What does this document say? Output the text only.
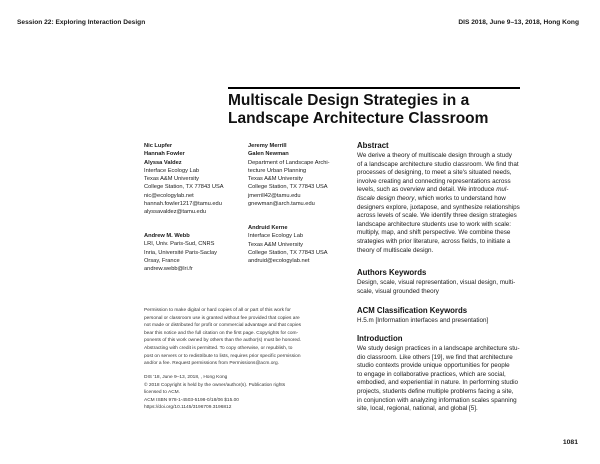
Session 22: Exploring Interaction Design	DIS 2018, June 9–13, 2018, Hong Kong
Multiscale Design Strategies in a
Landscape Architecture Classroom
Nic Lupfer
Hannah Fowler
Alyssa Valdez
Interface Ecology Lab
Texas A&M University
College Station, TX 77843 USA
nic@ecologylab.net
hannah.fowler1217@tamu.edu
alyssavaldez@tamu.edu
Andrew M. Webb
LRI, Univ. Paris-Sud, CNRS
Inria, Université Paris-Saclay
Orsay, France
andrew.webb@lri.fr
Jeremy Merrill
Galen Newman
Department of Landscape Archi-
tecture Urban Planning
Texas A&M University
College Station, TX 77843 USA
jmerrill42@tamu.edu
gnewman@arch.tamu.edu
Andruid Kerne
Interface Ecology Lab
Texas A&M University
College Station, TX 77843 USA
andruid@ecologylab.net
Permission to make digital or hard copies of all or part of this work for
personal or classroom use is granted without fee provided that copies are
not made or distributed for profit or commercial advantage and that copies
bear this notice and the full citation on the first page. Copyrights for com-
ponents of this work owned by others than the author(s) must be honored.
Abstracting with credit is permitted. To copy otherwise, or republish, to
post on servers or to redistribute to lists, requires prior specific permission
and/or a fee. Request permissions from Permissions@acm.org.
DIS '18, June 9–13, 2018, , Hong Kong
© 2018 Copyright is held by the owner/author(s). Publication rights
licensed to ACM.
ACM ISBN 978-1-4503-5198-0/18/06 $15.00
https://doi.org/10.1145/3196709.3196812
Abstract
We derive a theory of multiscale design through a study
of a landscape architecture studio classroom. We find that
processes of designing, to meet a site's situated needs,
involve creating and connecting representations across
levels, such as overview and detail. We introduce mul-
tiscale design theory, which works to understand how
designers explore, juxtapose, and synthesize relationships
across levels of scale. We identify three design strategies
landscape architecture students use to work with scale:
multiply, map, and shift perspective. We combine these
strategies with prior literature, across fields, to initiate a
theory of multiscale design.
Authors Keywords
Design, scale, visual representation, visual design, multi-
scale, visual grounded theory
ACM Classification Keywords
H.5.m [Information interfaces and presentation]
Introduction
We study design practices in a landscape architecture stu-
dio classroom. Like others [19], we find that architecture
studio contexts provide unique opportunities for people
to engage in collaborative practices, which are social,
embodied, and experiential in nature. In performing studio
projects, students define multiple problems facing a site,
in conjunction with analyzing information scales spanning
site, local, regional, national, and global [5].
1081
